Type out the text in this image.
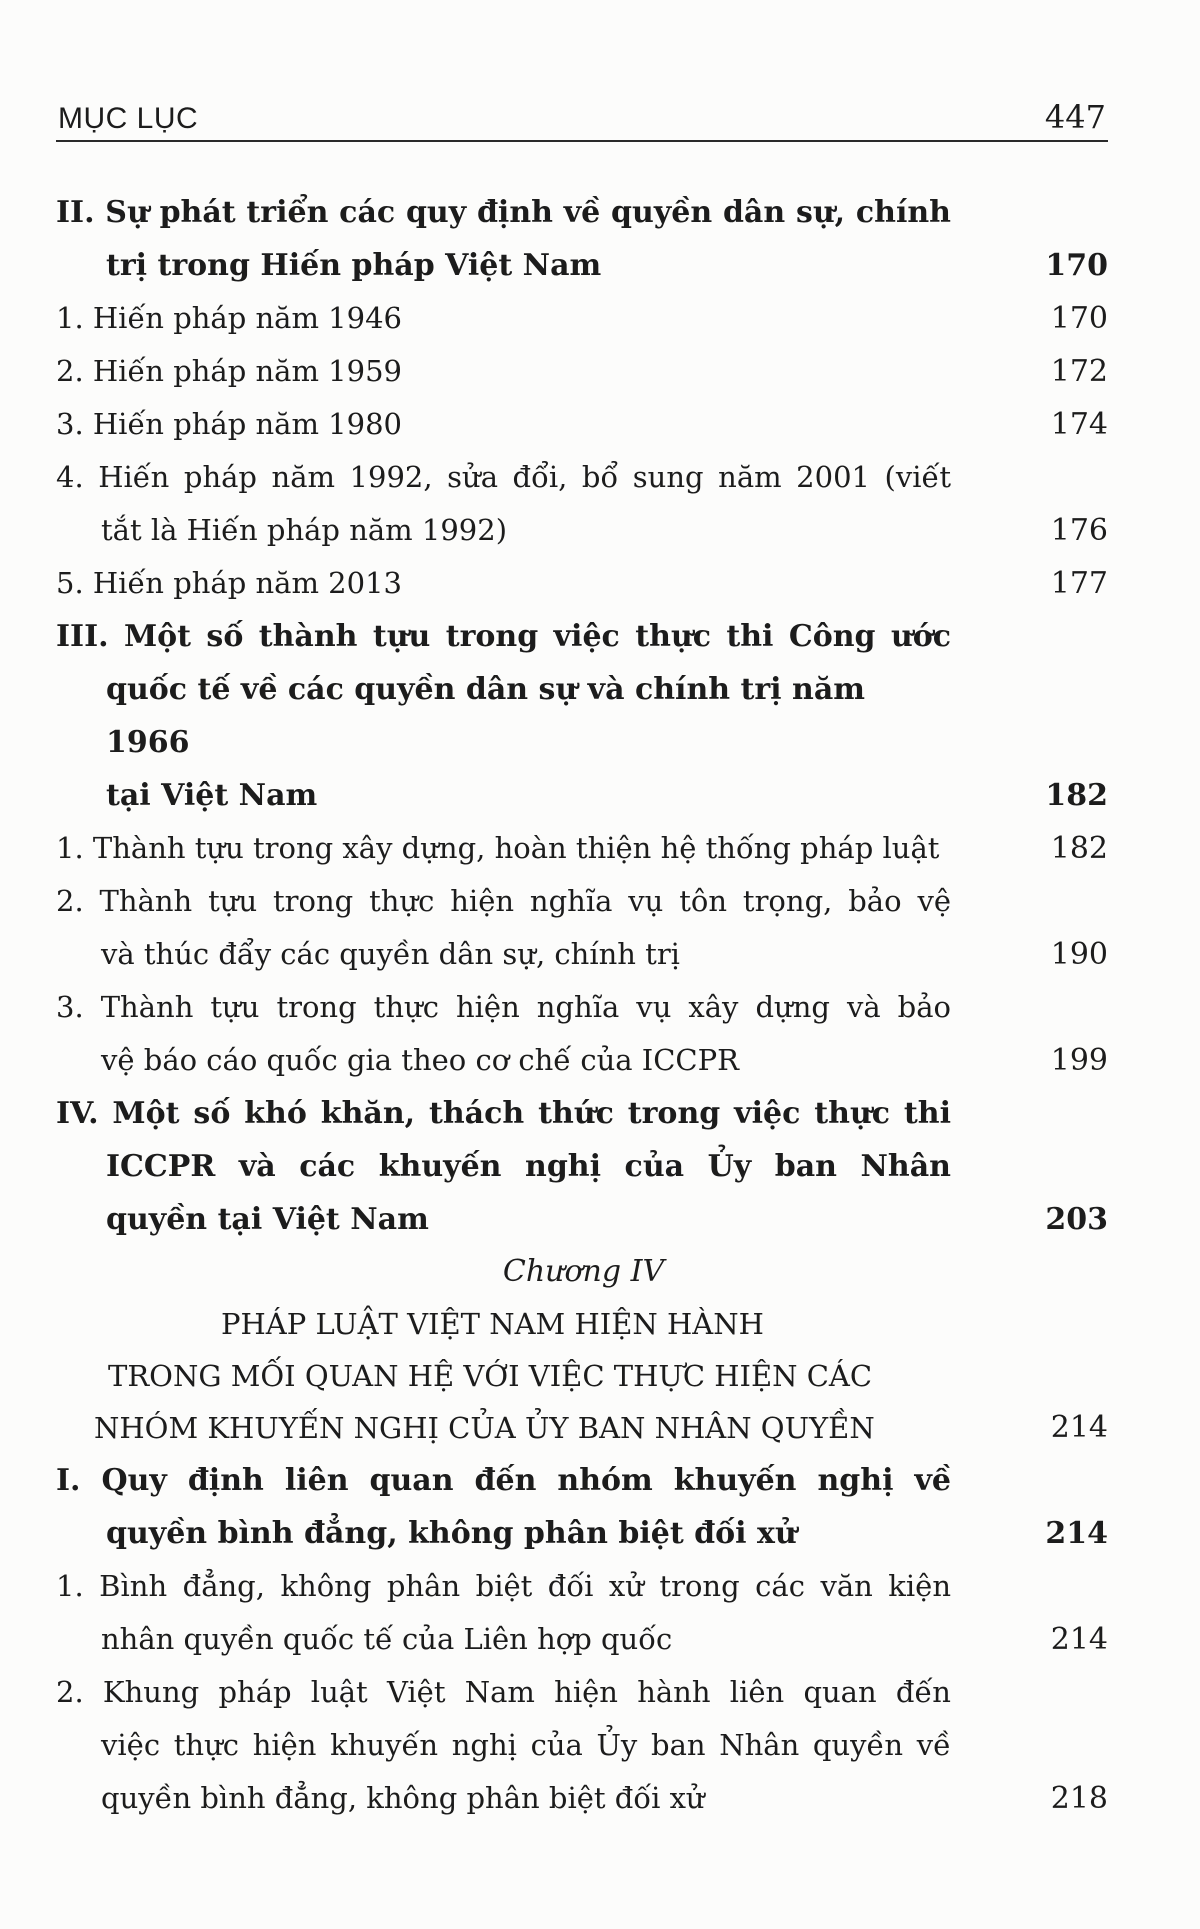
MỤC LỤC	447
II. Sự phát triển các quy định về quyền dân sự, chính
trị trong Hiến pháp Việt Nam	170
1. Hiến pháp năm 1946	170
2. Hiến pháp năm 1959	172
3. Hiến pháp năm 1980	174
4. Hiến pháp năm 1992, sửa đổi, bổ sung năm 2001 (viết
tắt là Hiến pháp năm 1992)	176
5. Hiến pháp năm 2013	177
III. Một số thành tựu trong việc thực thi Công ước
quốc tế về các quyền dân sự và chính trị năm 1966
tại Việt Nam	182
1. Thành tựu trong xây dựng, hoàn thiện hệ thống pháp luật	182
2. Thành tựu trong thực hiện nghĩa vụ tôn trọng, bảo vệ
và thúc đẩy các quyền dân sự, chính trị	190
3. Thành tựu trong thực hiện nghĩa vụ xây dựng và bảo
vệ báo cáo quốc gia theo cơ chế của ICCPR	199
IV. Một số khó khăn, thách thức trong việc thực thi
ICCPR và các khuyến nghị của Ủy ban Nhân
quyền tại Việt Nam	203
Chương IV
PHÁP LUẬT VIỆT NAM HIỆN HÀNH
TRONG MỐI QUAN HỆ VỚI VIỆC THỰC HIỆN CÁC
NHÓM KHUYẾN NGHỊ CỦA ỦY BAN NHÂN QUYỀN	214
I. Quy định liên quan đến nhóm khuyến nghị về
quyền bình đẳng, không phân biệt đối xử	214
1. Bình đẳng, không phân biệt đối xử trong các văn kiện
nhân quyền quốc tế của Liên hợp quốc	214
2. Khung pháp luật Việt Nam hiện hành liên quan đến
việc thực hiện khuyến nghị của Ủy ban Nhân quyền về
quyền bình đẳng, không phân biệt đối xử	218
